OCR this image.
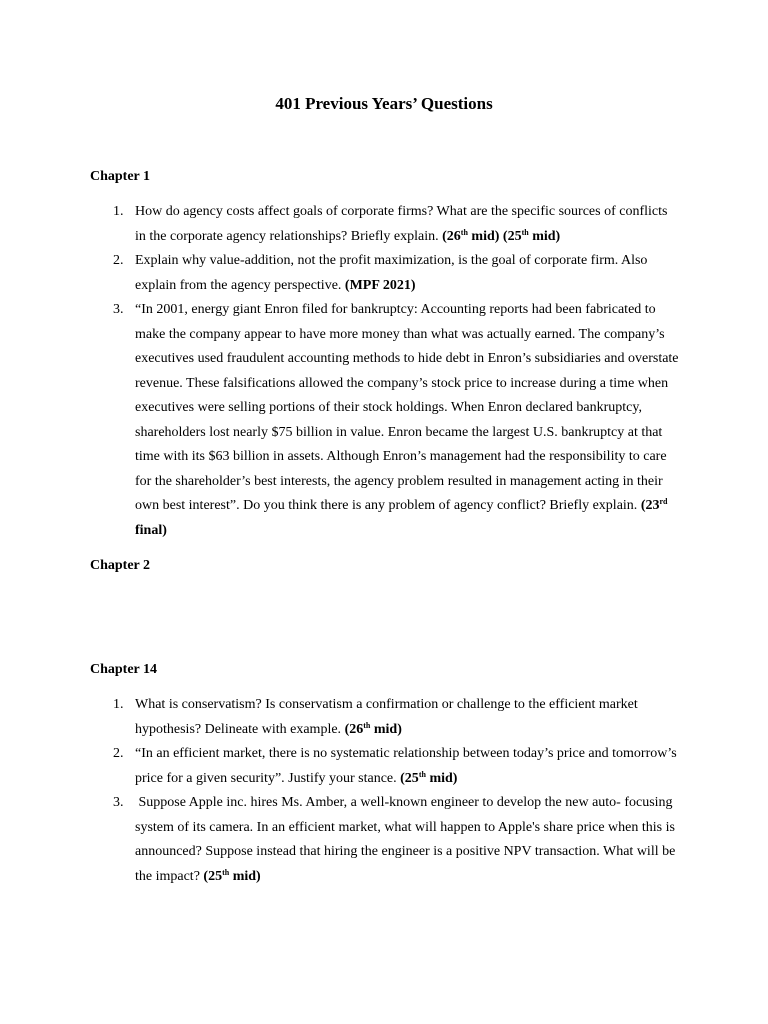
401 Previous Years’ Questions
Chapter 1
1. How do agency costs affect goals of corporate firms? What are the specific sources of conflicts in the corporate agency relationships? Briefly explain. (26th mid) (25th mid)
2. Explain why value-addition, not the profit maximization, is the goal of corporate firm. Also explain from the agency perspective. (MPF 2021)
3. “In 2001, energy giant Enron filed for bankruptcy: Accounting reports had been fabricated to make the company appear to have more money than what was actually earned. The company’s executives used fraudulent accounting methods to hide debt in Enron’s subsidiaries and overstate revenue. These falsifications allowed the company’s stock price to increase during a time when executives were selling portions of their stock holdings. When Enron declared bankruptcy, shareholders lost nearly $75 billion in value. Enron became the largest U.S. bankruptcy at that time with its $63 billion in assets. Although Enron’s management had the responsibility to care for the shareholder’s best interests, the agency problem resulted in management acting in their own best interest”. Do you think there is any problem of agency conflict? Briefly explain. (23rd final)
Chapter 2
Chapter 14
1. What is conservatism? Is conservatism a confirmation or challenge to the efficient market hypothesis? Delineate with example. (26th mid)
2. “In an efficient market, there is no systematic relationship between today’s price and tomorrow’s price for a given security”. Justify your stance. (25th mid)
3. Suppose Apple inc. hires Ms. Amber, a well-known engineer to develop the new auto- focusing system of its camera. In an efficient market, what will happen to Apple's share price when this is announced? Suppose instead that hiring the engineer is a positive NPV transaction. What will be the impact? (25th mid)
